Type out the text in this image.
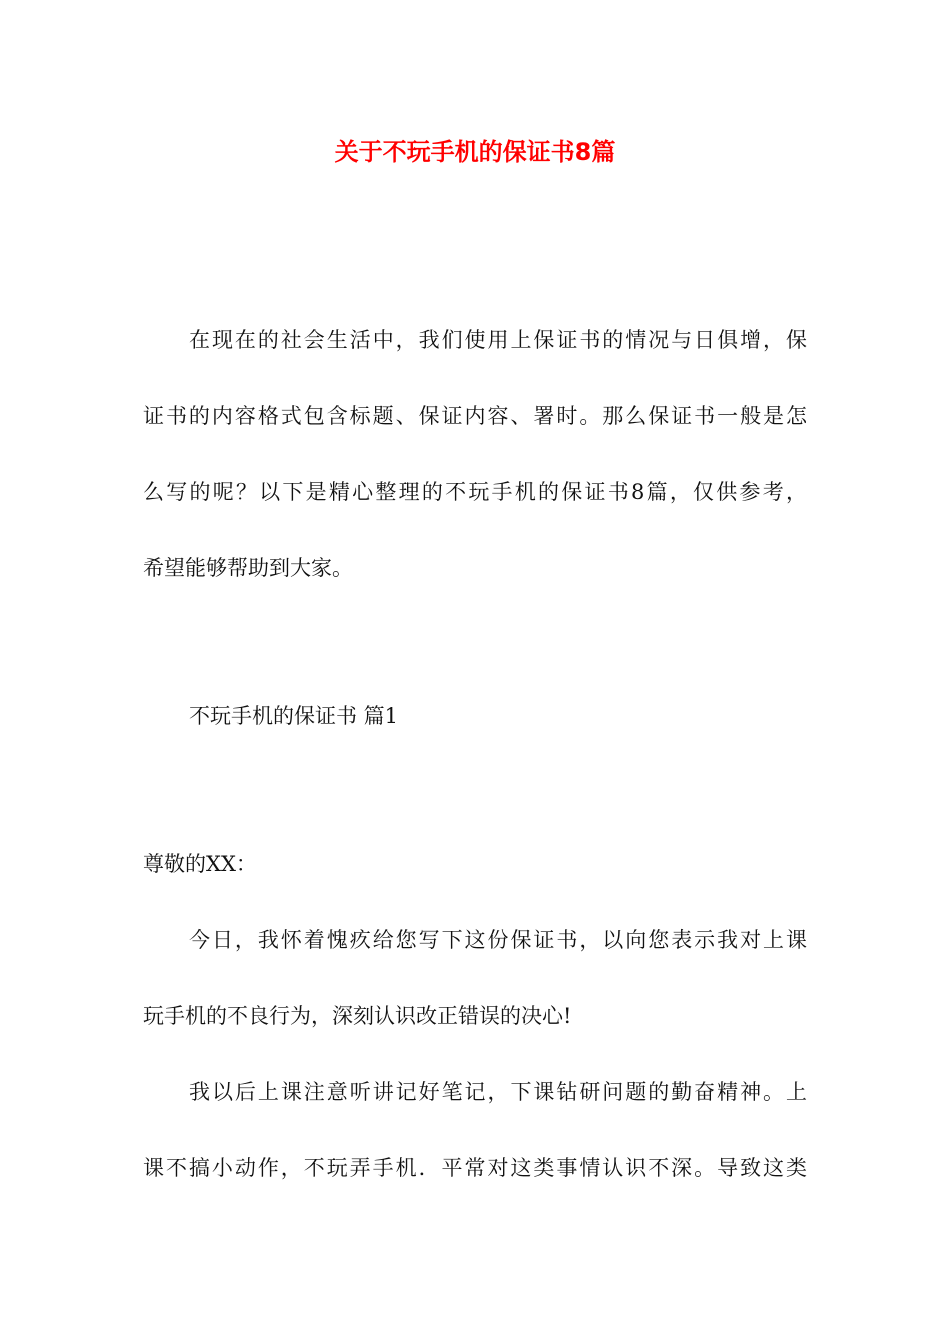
关于不玩手机的保证书8篇
在现在的社会生活中，我们使用上保证书的情况与日俱增，保
证书的内容格式包含标题、保证内容、署时。那么保证书一般是怎
么写的呢？以下是精心整理的不玩手机的保证书8篇，仅供参考，
希望能够帮助到大家。
不玩手机的保证书 篇1
尊敬的XX：
今日，我怀着愧疚给您写下这份保证书，以向您表示我对上课
玩手机的不良行为，深刻认识改正错误的决心!
我以后上课注意听讲记好笔记，下课钻研问题的勤奋精神。上
课不搞小动作，不玩弄手机．平常对这类事情认识不深。导致这类
